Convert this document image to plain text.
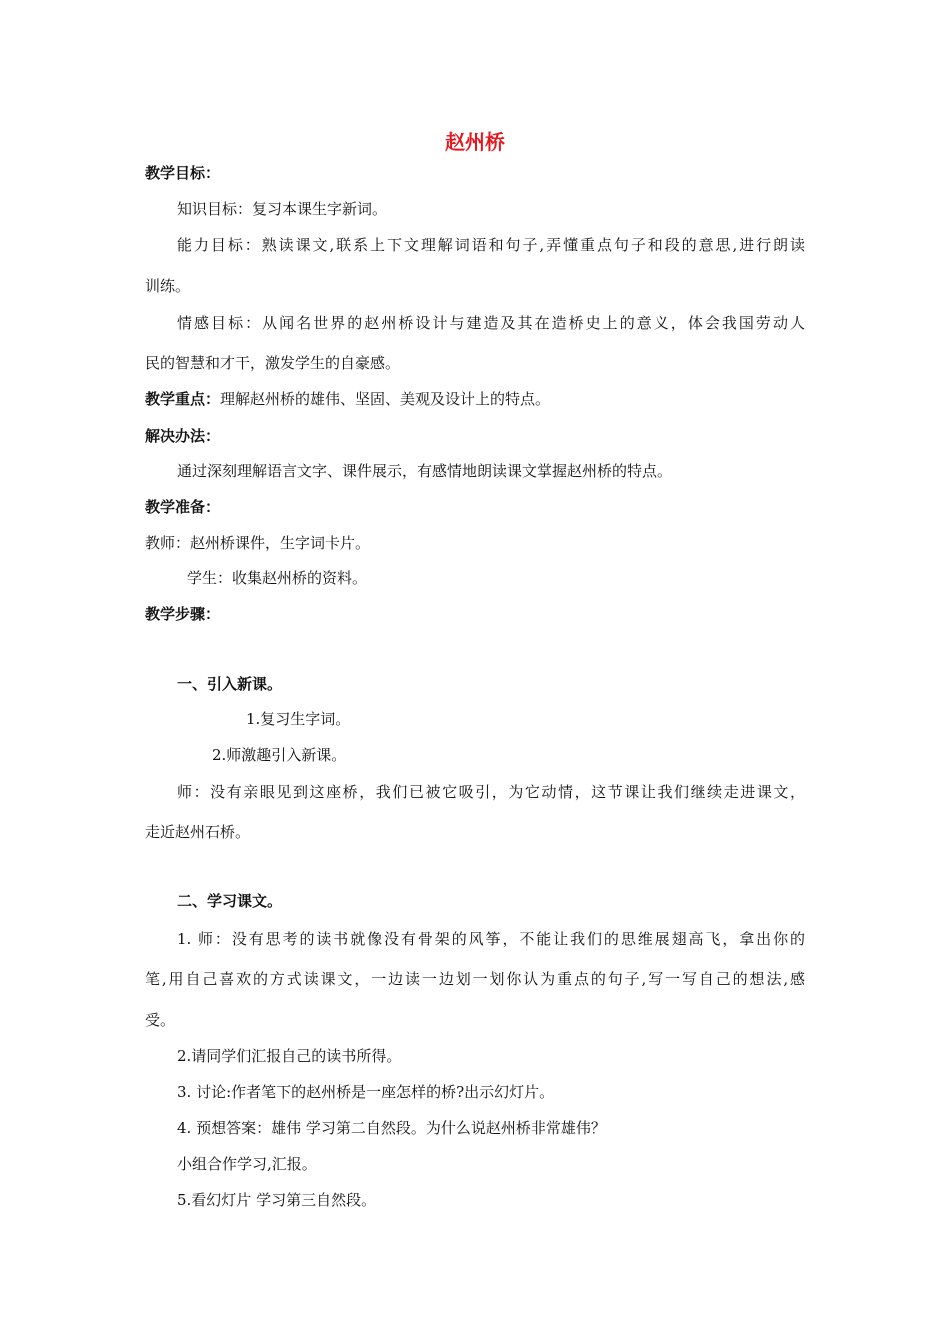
赵州桥
教学目标：
知识目标：复习本课生字新词。
能力目标：熟读课文,联系上下文理解词语和句子,弄懂重点句子和段的意思,进行朗读
训练。
情感目标：从闻名世界的赵州桥设计与建造及其在造桥史上的意义，体会我国劳动人
民的智慧和才干，激发学生的自豪感。
教学重点：理解赵州桥的雄伟、坚固、美观及设计上的特点。
解决办法：
通过深刻理解语言文字、课件展示，有感情地朗读课文掌握赵州桥的特点。
教学准备：
教师：赵州桥课件，生字词卡片。
学生：收集赵州桥的资料。
教学步骤：
一、引入新课。
1.复习生字词。
2.师激趣引入新课。
师：没有亲眼见到这座桥，我们已被它吸引，为它动情，这节课让我们继续走进课文，
走近赵州石桥。
二、学习课文。
1. 师：没有思考的读书就像没有骨架的风筝，不能让我们的思维展翅高飞，拿出你的
笔,用自己喜欢的方式读课文，一边读一边划一划你认为重点的句子,写一写自己的想法,感
受。
2.请同学们汇报自己的读书所得。
3. 讨论:作者笔下的赵州桥是一座怎样的桥?出示幻灯片。
4. 预想答案：雄伟 学习第二自然段。为什么说赵州桥非常雄伟？
小组合作学习,汇报。
5.看幻灯片 学习第三自然段。
